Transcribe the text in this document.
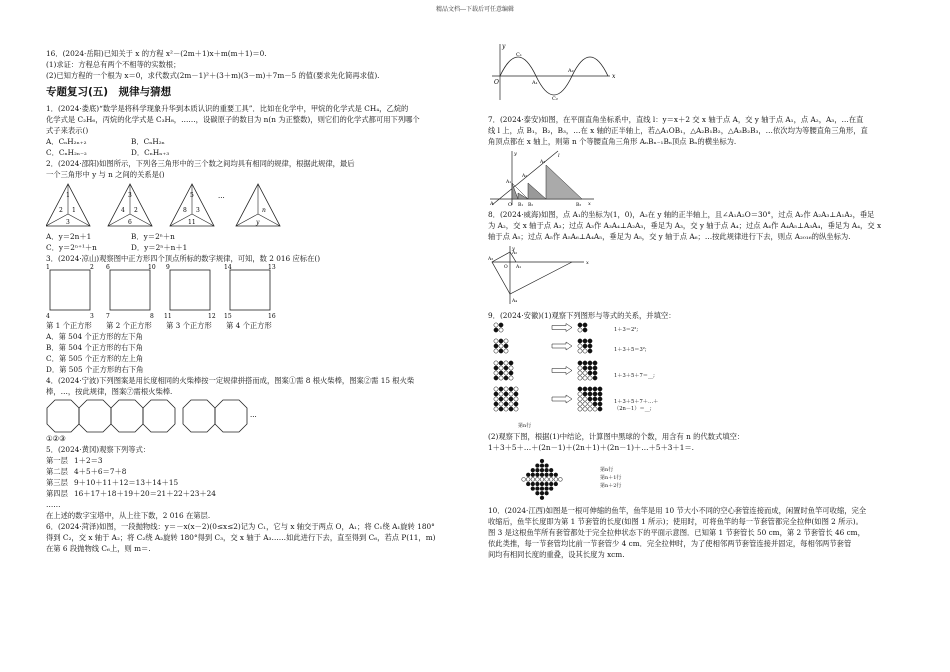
精品文档---下载后可任意编辑

16．(2024·岳阳)已知关于 x 的方程 x²－(2m＋1)x＋m(m＋1)＝0.

(1)求证：方程总有两个不相等的实数根；

(2)已知方程的一个根为 x＝0，求代数式(2m－1)²＋(3＋m)(3－m)＋7m－5 的值(要求先化简再求值).

专题复习(五)　规律与猜想

1．(2024·娄底)“数学是将科学现象升华到本质认识的重要工具”．比如在化学中，甲烷的化学式是 CH₄，乙烷的

化学式是 C₂H₆，丙烷的化学式是 C₃H₈，……，设碳原子的数目为 n(n 为正整数)，则它们的化学式都可用下列哪个

式子来表示()

A．CₙH₂ₙ₊₂	B．CₙH₂ₙ
C．CₙH₂ₙ₋₂	D．CₙHₙ₊₃

2．(2024·邵阳)如图所示，下列各三角形中的三个数之间均具有相同的规律，根据此规律，最后

一个三角形中 y 与 n 之间的关系是()

1
2 1
3
3
4 2
6
5
8 3
11
···
n
y
A．y＝2n＋1	B．y＝2ⁿ＋n
C．y＝2ⁿ⁺¹＋n	D．y＝2ⁿ＋n＋1

3．(2024·凉山)观察图中正方形四个顶点所标的数字规律，可知，数 2 016 应标在()

1	2
4	3
6	10
7	8
9
11	12
14	13
15	16
第 1 个正方形	第 2 个正方形	第 3 个正方形	第 4 个正方形

A．第 504 个正方形的左下角

B．第 504 个正方形的右下角

C．第 505 个正方形的左上角

D．第 505 个正方形的右下角

4．(2024·宁波)下列图案是用长度相同的火柴棒按一定规律拼搭而成，图案①需 8 根火柴棒，图案②需 15 根火柴

棒，…，按此规律，图案⑦需根火柴棒.

···

①②③

5．(2024·黄冈)观察下列等式：

第一层 1＋2＝3
第二层 4＋5＋6＝7＋8
第三层 9＋10＋11＋12＝13＋14＋15
第四层 16＋17＋18＋19＋20＝21＋22＋23＋24

……

在上述的数字宝塔中，从上往下数，2 016 在第层.

6．(2024·菏泽)如图，一段抛物线：y＝－x(x－2)(0≤x≤2)记为 C₁，它与 x 轴交于两点 O，A₁；将 C₁绕 A₁旋转 180°

得到 C₂，交 x 轴于 A₂；将 C₂绕 A₂旋转 180°得到 C₃，交 x 轴于 A₃……如此进行下去，直至得到 C₆，若点 P(11，m)

在第 6 段抛物线 C₆上，则 m＝.

y
x
O	A₁
A₂
C₁
C₂

7．(2024·泰安)如图，在平面直角坐标系中，直线 l：y＝x＋2 交 x 轴于点 A，交 y 轴于点 A₁，点 A₂，A₃，…在直

线 l 上，点 B₁，B₂，B₃，…在 x 轴的正半轴上，若△A₁OB₁，△A₂B₁B₂，△A₃B₂B₃，…依次均为等腰直角三角形，直

角顶点都在 x 轴上，则第 n 个等腰直角三角形 AₙBₙ₋₁Bₙ顶点 Bₙ的横坐标为.

y
x
A	O
A₁
A₂
A₃
B₁ B₂	B₃
l

8．(2024·威海)如图，点 A₁的坐标为(1，0)，A₂在 y 轴的正半轴上，且∠A₁A₂O＝30°，过点 A₂作 A₂A₃⊥A₁A₂，垂足

为 A₂，交 x 轴于点 A₃；过点 A₃作 A₃A₄⊥A₂A₃，垂足为 A₃，交 y 轴于点 A₄；过点 A₄作 A₄A₅⊥A₃A₄，垂足为 A₄，交 x

轴于点 A₅；过点 A₅作 A₅A₆⊥A₄A₅，垂足为 A₅，交 y 轴于点 A₆；…按此规律进行下去，则点 A₂₀₁₆的纵坐标为.

y
x
O A₁
A₂
A₃
A₄

9．(2024·安徽)(1)观察下列图形与等式的关系，并填空：

1＋3＝2²;
1＋3＋5＝3²;
1＋3＋5＋7＝__;
1＋3＋5＋7＋…＋
（2n－1）＝__;
第n行

(2)观察下图，根据(1)中结论，计算图中黑球的个数，用含有 n 的代数式填空：

1＋3＋5＋…＋(2n－1)＋(2n＋1)＋(2n－1)＋…＋5＋3＋1＝.

第n行
第n＋1行
第n＋2行

10．(2024·江西)如图是一根可伸缩的鱼竿，鱼竿是用 10 节大小不同的空心套管连接而成，闲置时鱼竿可收缩，完全

收缩后，鱼竿长度即为第 1 节套管的长度(如图 1 所示)；使用时，可将鱼竿的每一节套管都完全拉伸(如图 2 所示)。

图 3 是这根鱼竿所有套管都处于完全拉伸状态下的平面示意图．已知第 1 节套管长 50 cm，第 2 节套管长 46 cm，

依此类推，每一节套管均比前一节套管少 4 cm．完全拉伸时，为了使相邻两节套管连接并固定，每相邻两节套管

间均有相同长度的重叠，设其长度为 xcm.
